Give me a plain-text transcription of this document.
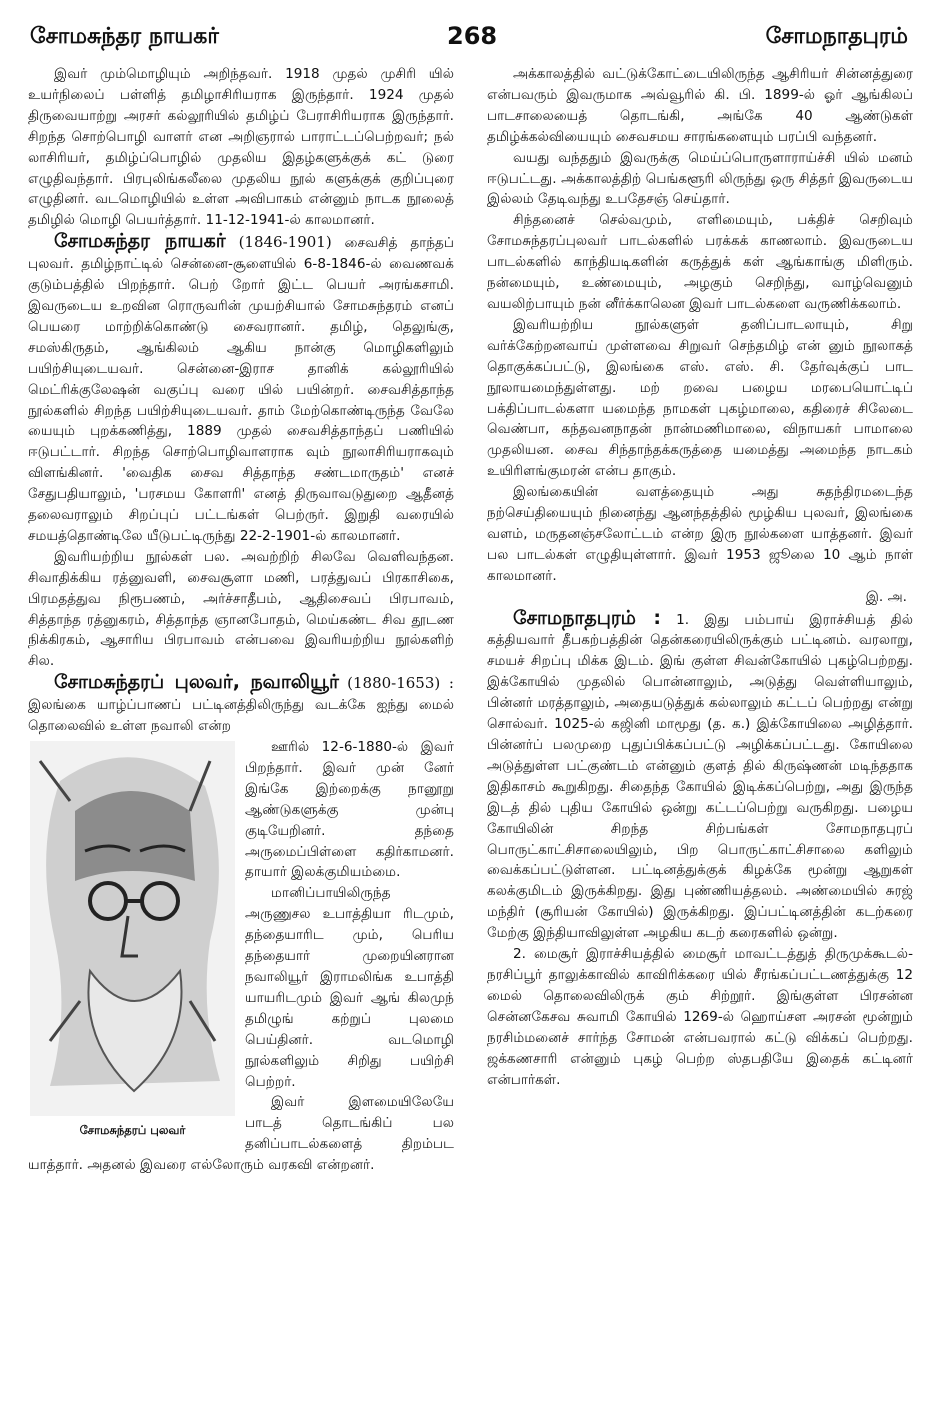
சோமசுந்தர நாயகர்	268	சோமநாதபுரம்

இவர் மும்மொழியும் அறிந்தவர். 1918 முதல் முசிரி யில் உயர்நிலைப் பள்ளித் தமிழாசிரியராக இருந்தார். 1924 முதல் திருவையாற்று அரசர் கல்லூரியில் தமிழ்ப் பேராசிரியராக இருந்தார். சிறந்த சொற்பொழி வாளர் என அறிஞரால் பாராட்டப்பெற்றவர்; நல் லாசிரியர், தமிழ்ப்பொழில் முதலிய இதழ்களுக்குக் கட் டுரை எழுதிவந்தார். பிரபுலிங்கலீலை முதலிய நூல் களுக்குக் குறிப்புரை எழுதினர். வடமொழியில் உள்ள அவிபாகம் என்னும் நாடக நூலைத் தமிழில் மொழி பெயர்த்தார். 11-12-1941-ல் காலமானர்.

சோமசுந்தர நாயகர் (1846-1901) சைவசித் தாந்தப் புலவர். தமிழ்நாட்டில் சென்னை-சூளையில் 6-8-1846-ல் வைணவக் குடும்பத்தில் பிறந்தார். பெற் றோர் இட்ட பெயர் அரங்கசாமி. இவருடைய உறவின ரொருவரின் முயற்சியால் சோமசுந்தரம் எனப் பெயரை மாற்றிக்கொண்டு சைவரானர். தமிழ், தெலுங்கு, சமஸ்கிருதம், ஆங்கிலம் ஆகிய நான்கு மொழிகளிலும் பயிற்சியுடையவர். சென்னை-இராச தானிக் கல்லூரியில் மெட்ரிக்குலேஷன் வகுப்பு வரை யில் பயின்றர். சைவசித்தாந்த நூல்களில் சிறந்த பயிற்சியுடையவர். தாம் மேற்கொண்டிருந்த வேலே யையும் புறக்கணித்து, 1889 முதல் சைவசித்தாந்தப் பணியில் ஈடுபட்டார். சிறந்த சொற்பொழிவாளராக வும் நூலாசிரியராகவும் விளங்கினர். 'வைதிக சைவ சித்தாந்த சண்டமாருதம்' எனச் சேதுபதியாலும், 'பரசமய கோளரி' எனத் திருவாவடுதுறை ஆதீனத் தலைவராலும் சிறப்புப் பட்டங்கள் பெற்ருர். இறுதி வரையில் சமயத்தொண்டிலே யீடுபட்டிருந்து 22-2-1901-ல் காலமானர்.

இவரியற்றிய நூல்கள் பல. அவற்றிற் சிலவே வெளிவந்தன. சிவாதிக்கிய ரத்னுவளி, சைவசூளா மணி, பரத்துவப் பிரகாசிகை, பிரமதத்துவ நிரூபணம், அர்ச்சாதீபம், ஆதிசைவப் பிரபாவம், சித்தாந்த ரத்னுகரம், சித்தாந்த ஞானபோதம், மெய்கண்ட சிவ தூடண நிக்கிரகம், ஆசாரிய பிரபாவம் என்பவை இவரியற்றிய நூல்களிற் சில.

சோமசுந்தரப் புலவர், நவாலியூர் (1880-1653) : இலங்கை யாழ்ப்பாணப் பட்டினத்திலிருந்து வடக்கே ஐந்து மைல் தொலைவில் உள்ள நவாலி என்ற

சோமசுந்தரப் புலவர்

ஊரில் 12-6-1880-ல் இவர் பிறந்தார். இவர் முன் னேர் இங்கே இற்றைக்கு நானூறு ஆண்டுகளுக்கு முன்பு குடியேறினர். தந்தை அருமைப்பிள்ளை கதிர்காமனர். தாயார் இலக்குமியம்மை.

மானிப்பாயிலிருந்த அருணுசல உபாத்தியா ரிடமும், தந்தையாரிட மும், பெரிய தந்தையார் முறையினரான நவாலியூர் இராமலிங்க உபாத்தி யாயரிடமும் இவர் ஆங் கிலமுந் தமிழுங் கற்றுப் புலமை பெய்தினர். வடமொழி நூல்களிலும் சிறிது பயிற்சி பெற்றர்.

இவர் இளமையிலேயே பாடத் தொடங்கிப் பல தனிப்பாடல்களைத் திறம்பட யாத்தார். அதனல் இவரை எல்லோரும் வரகவி என்றனர்.

அக்காலத்தில் வட்டுக்கோட்டையிலிருந்த ஆசிரியர் சின்னத்துரை என்பவரும் இவருமாக அவ்வூரில் கி. பி. 1899-ல் ஓர் ஆங்கிலப் பாடசாலையைத் தொடங்கி, அங்கே 40 ஆண்டுகள் தமிழ்க்கல்வியையும் சைவசமய சாரங்களையும் பரப்பி வந்தனர்.

வயது வந்ததும் இவருக்கு மெய்ப்பொருளாராய்ச்சி யில் மனம் ஈடுபட்டது. அக்காலத்திற் பெங்களூரி லிருந்து ஒரு சித்தர் இவருடைய இல்லம் தேடிவந்து உபதேசஞ் செய்தார்.

சிந்தனைச் செல்வமும், எளிமையும், பக்திச் செறிவும் சோமசுந்தரப்புலவர் பாடல்களில் பரக்கக் காணலாம். இவருடைய பாடல்களில் காந்தியடிகளின் கருத்துக் கள் ஆங்காங்கு மிளிரும். நன்மையும், உண்மையும், அழகும் செறிந்து, வாழ்வெனும் வயலிற்பாயும் நன் னீர்க்காலென இவர் பாடல்களை வருணிக்கலாம்.

இவரியற்றிய நூல்களுள் தனிப்பாடலாயும், சிறு வர்க்கேற்றனவாய் முள்ளவை சிறுவர் செந்தமிழ் என் னும் நூலாகத் தொகுக்கப்பட்டு, இலங்கை எஸ். எஸ். சி. தேர்வுக்குப் பாட நூலாயமைந்துள்ளது. மற் றவை பழைய மரபையொட்டிப் பக்திப்பாடல்களா யமைந்த நாமகள் புகழ்மாலை, கதிரைச் சிலேடை வெண்பா, கந்தவனநாதன் நான்மணிமாலை, விநாயகர் பாமாலை முதலியன. சைவ சிந்தாந்தக்கருத்தை யமைத்து அமைந்த நாடகம் உயிரிளங்குமரன் என்ப தாகும்.

இலங்கையின் வளத்தையும் அது சுதந்திரமடைந்த நற்செய்தியையும் நினைந்து ஆனந்தத்தில் மூழ்கிய புலவர், இலங்கை வளம், மருதனஞ்சலோட்டம் என்ற இரு நூல்களை யாத்தனர். இவர் பல பாடல்கள் எழுதியுள்ளார். இவர் 1953 ஜூலை 10 ஆம் நாள் காலமானர்.

இ. அ.

சோமநாதபுரம் : 1. இது பம்பாய் இராச்சியத் தில் கத்தியவார் தீபகற்பத்தின் தென்கரையிலிருக்கும் பட்டினம். வரலாறு, சமயச் சிறப்பு மிக்க இடம். இங் குள்ள சிவன்கோயில் புகழ்பெற்றது. இக்கோயில் முதலில் பொன்னாலும், அடுத்து வெள்ளியாலும், பின்னர் மரத்தாலும், அதையடுத்துக் கல்லாலும் கட்டப் பெற்றது என்று சொல்வர். 1025-ல் கஜினி மாமூது (த. க.) இக்கோயிலை அழித்தார். பின்னர்ப் பலமுறை புதுப்பிக்கப்பட்டு அழிக்கப்பட்டது. கோயிலை அடுத்துள்ள பட்குண்டம் என்னும் குளத் தில் கிருஷ்ணன் மடிந்ததாக இதிகாசம் கூறுகிறது. சிதைந்த கோயில் இடிக்கப்பெற்று, அது இருந்த இடத் தில் புதிய கோயில் ஒன்று கட்டப்பெற்று வருகிறது. பழைய கோயிலின் சிறந்த சிற்பங்கள் சோமநாதபுரப் பொருட்காட்சிசாலையிலும், பிற பொருட்காட்சிசாலை களிலும் வைக்கப்பட்டுள்ளன. பட்டினத்துக்குக் கிழக்கே மூன்று ஆறுகள் கலக்குமிடம் இருக்கிறது. இது புண்ணியத்தலம். அண்மையில் சுரஜ் மந்திர் (சூரியன் கோயில்) இருக்கிறது. இப்பட்டினத்தின் கடற்கரை மேற்கு இந்தியாவிலுள்ள அழகிய கடற் கரைகளில் ஒன்று.

2. மைசூர் இராச்சியத்தில் மைசூர் மாவட்டத்துத் திருமுக்கூடல்-நரசிப்பூர் தாலுக்காவில் காவிரிக்கரை யில் சீரங்கப்பட்டணத்துக்கு 12 மைல் தொலைவிலிருக் கும் சிற்றூர். இங்குள்ள பிரசன்ன சென்னகேசவ சுவாமி கோயில் 1269-ல் ஹொய்சள அரசன் மூன்றும் நரசிம்மனைச் சார்ந்த சோமன் என்பவரால் கட்டு விக்கப் பெற்றது. ஜக்கணசாரி என்னும் புகழ் பெற்ற ஸ்தபதியே இதைக் கட்டினர் என்பார்கள்.
